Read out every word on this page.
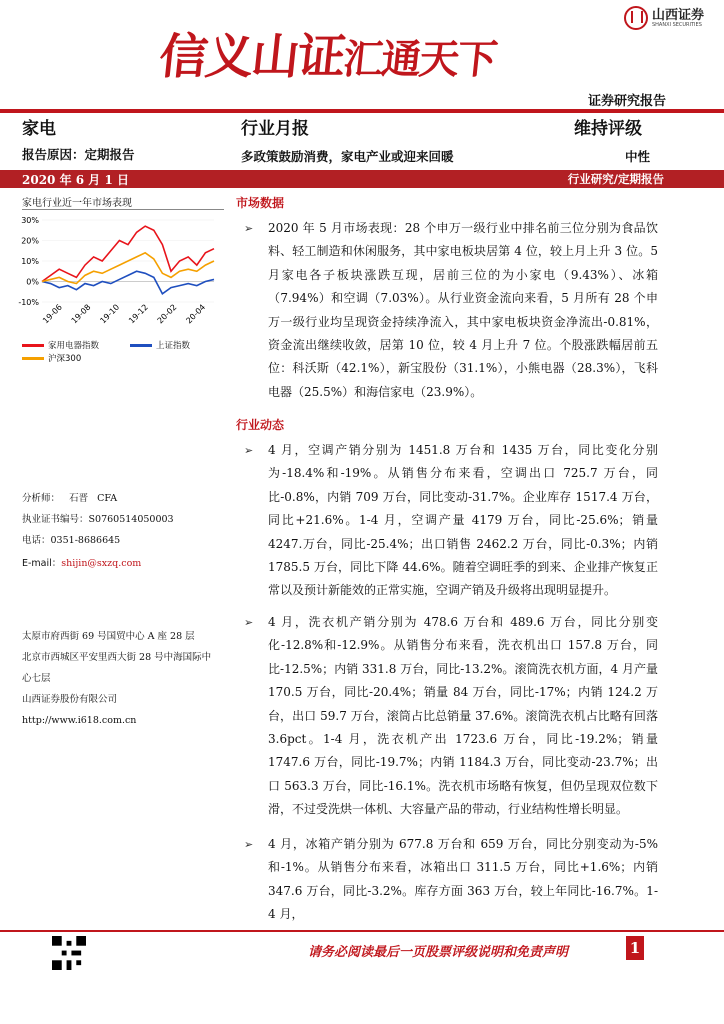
信义山证汇通天下
山西证券
SHANXI SECURITIES
证券研究报告
家电	行业月报	维持评级
报告原因：定期报告	多政策鼓励消费，家电产业或迎来回暖	中性
2020 年 6 月 1 日	行业研究/定期报告
家电行业近一年市场表现
30%
20%
10%
0%
-10%
19-06 19-08 19-10 19-12 20-02 20-04
家用电器指数	上证指数
沪深300
分析师： 石晋 CFA
执业证书编号：S0760514050003
电话：0351-8686645
E-mail：shijin@sxzq.com
太原市府西街 69 号国贸中心 A 座 28 层
北京市西城区平安里西大街 28 号中海国际中心七层
山西证券股份有限公司
http://www.i618.com.cn
市场数据
➢ 2020 年 5 月市场表现：28 个申万一级行业中排名前三位分别为食品饮料、轻工制造和休闲服务，其中家电板块居第 4 位，较上月上升 3 位。5 月家电各子板块涨跌互现，居前三位的为小家电（9.43%）、冰箱（7.94%）和空调（7.03%）。从行业资金流向来看，5 月所有 28 个申万一级行业均呈现资金持续净流入，其中家电板块资金净流出-0.81%，资金流出继续收敛，居第 10 位，较 4 月上升 7 位。个股涨跌幅居前五位：科沃斯（42.1%），新宝股份（31.1%），小熊电器（28.3%），飞科电器（25.5%）和海信家电（23.9%）。
行业动态
➢ 4 月，空调产销分别为 1451.8 万台和 1435 万台，同比变化分别为-18.4%和-19%。从销售分布来看，空调出口 725.7 万台，同比-0.8%，内销 709 万台，同比变动-31.7%。企业库存 1517.4 万台，同比+21.6%。1-4 月，空调产量 4179 万台，同比-25.6%；销量 4247.万台，同比-25.4%；出口销售 2462.2 万台，同比-0.3%；内销 1785.5 万台，同比下降 44.6%。随着空调旺季的到来、企业排产恢复正常以及预计新能效的正常实施，空调产销及升级将出现明显提升。
➢ 4 月，洗衣机产销分别为 478.6 万台和 489.6 万台，同比分别变化-12.8%和-12.9%。从销售分布来看，洗衣机出口 157.8 万台，同比-12.5%；内销 331.8 万台，同比-13.2%。滚筒洗衣机方面，4 月产量 170.5 万台，同比-20.4%；销量 84 万台，同比-17%；内销 124.2 万台，出口 59.7 万台，滚筒占比总销量 37.6%。滚筒洗衣机占比略有回落 3.6pct。1-4 月，洗衣机产出 1723.6 万台，同比-19.2%；销量 1747.6 万台，同比-19.7%；内销 1184.3 万台，同比变动-23.7%；出口 563.3 万台，同比-16.1%。洗衣机市场略有恢复，但仍呈现双位数下滑，不过受洗烘一体机、大容量产品的带动，行业结构性增长明显。
➢ 4 月，冰箱产销分别为 677.8 万台和 659 万台，同比分别变动为-5%和-1%。从销售分布来看，冰箱出口 311.5 万台，同比+1.6%；内销 347.6 万台，同比-3.2%。库存方面 363 万台，较上年同比-16.7%。1-4 月，
请务必阅读最后一页股票评级说明和免责声明	1
